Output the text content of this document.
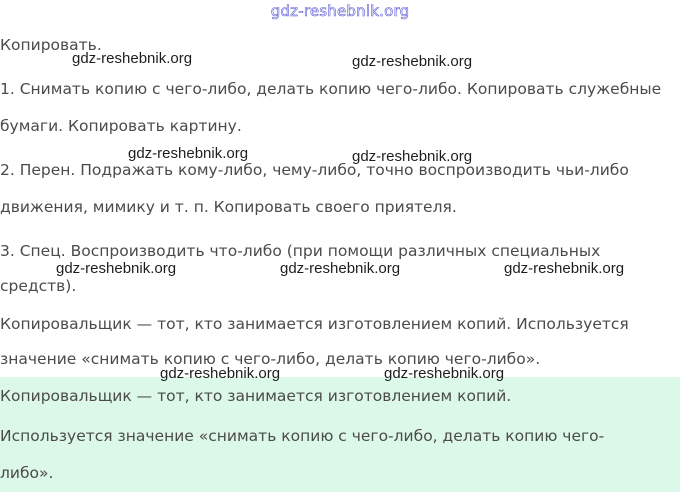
gdz-reshebnik.org
Копировать.
1. Снимать копию с чего-либо, делать копию чего-либо. Копировать служебные
бумаги. Копировать картину.
2. Перен. Подражать кому-либо, чему-либо, точно воспроизводить чьи-либо
движения, мимику и т. п. Копировать своего приятеля.
3. Спец. Воспроизводить что-либо (при помощи различных специальных
средств).
Копировальщик — тот, кто занимается изготовлением копий. Используется
значение «снимать копию с чего-либо, делать копию чего-либо».
Копировальщик — тот, кто занимается изготовлением копий.
Используется значение «снимать копию с чего-либо, делать копию чего-
либо».
gdz-reshebnik.org	gdz-reshebnik.org
gdz-reshebnik.org	gdz-reshebnik.org
gdz-reshebnik.org	gdz-reshebnik.org	gdz-reshebnik.org
gdz-reshebnik.org	gdz-reshebnik.org
